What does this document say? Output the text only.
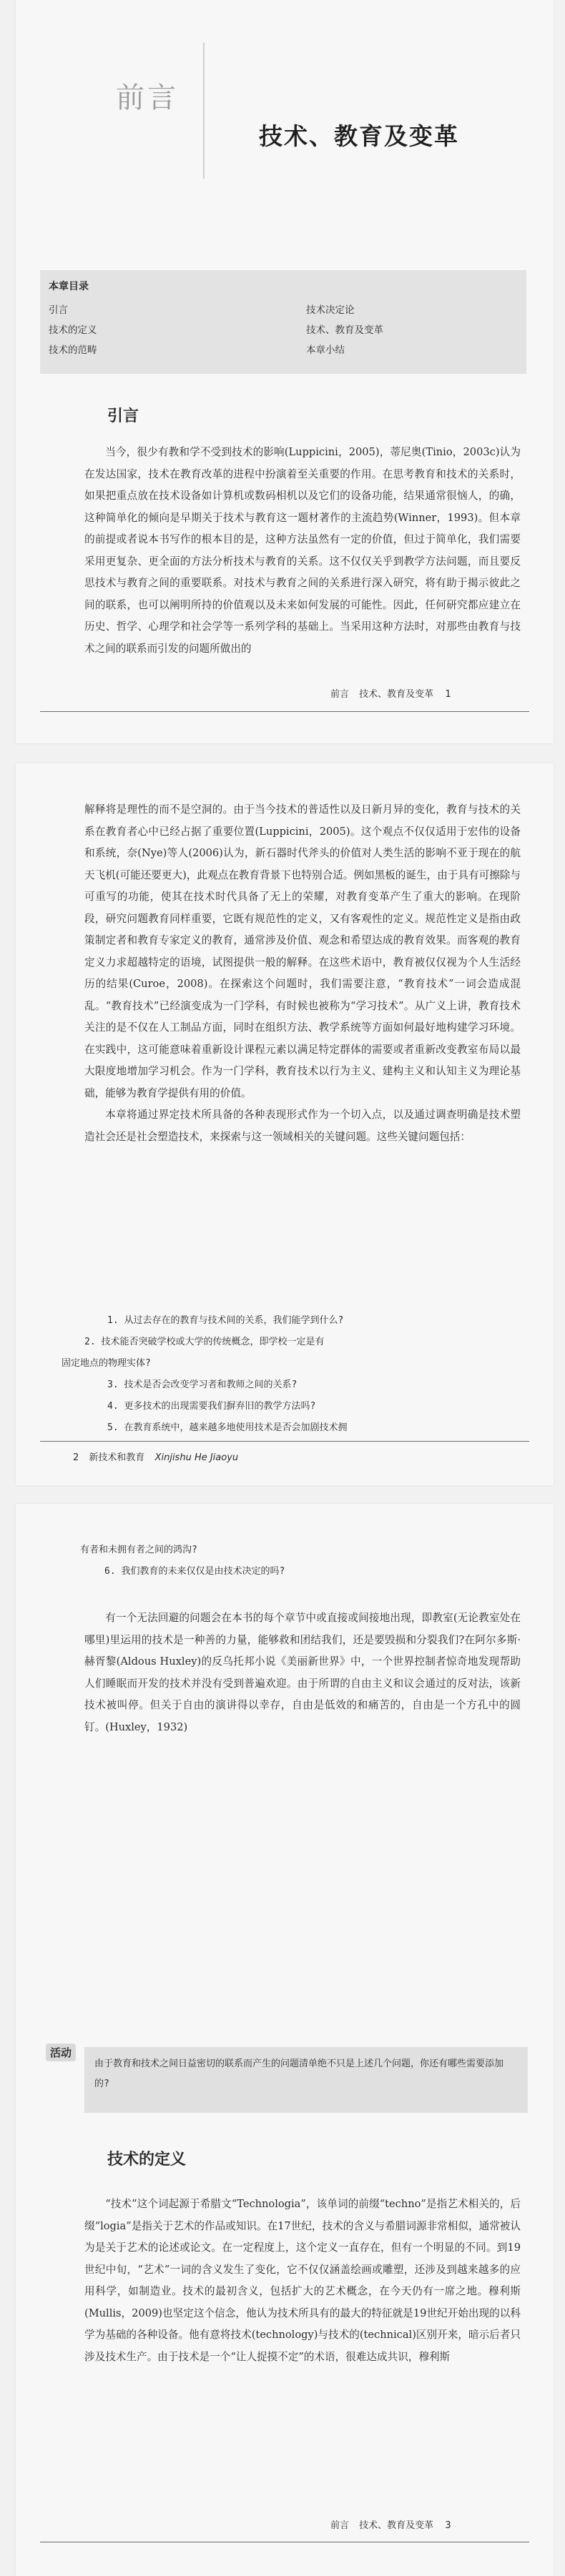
前言
技术、教育及变革
本章目录
引言
技术的定义
技术的范畴
技术决定论
技术、教育及变革
本章小结
引言

当今，很少有教和学不受到技术的影响(Luppicini，2005)，蒂尼奥(Tinio，2003c)认为在发达国家，技术在教育改革的进程中扮演着至关重要的作用。在思考教育和技术的关系时，如果把重点放在技术设备如计算机或数码相机以及它们的设备功能，结果通常很恼人，的确，这种简单化的倾向是早期关于技术与教育这一题材著作的主流趋势(Winner，1993)。但本章的前提或者说本书写作的根本目的是，这种方法虽然有一定的价值，但过于简单化，我们需要采用更复杂、更全面的方法分析技术与教育的关系。这不仅仅关乎到教学方法问题，而且要反思技术与教育之间的重要联系。对技术与教育之间的关系进行深入研究，将有助于揭示彼此之间的联系，也可以阐明所持的价值观以及未来如何发展的可能性。因此，任何研究都应建立在历史、哲学、心理学和社会学等一系列学科的基础上。当采用这种方法时，对那些由教育与技术之间的联系而引发的问题所做出的

前言 技术、教育及变革 1

解释将是理性的而不是空洞的。由于当今技术的普适性以及日新月异的变化，教育与技术的关系在教育者心中已经占据了重要位置(Luppicini，2005)。这个观点不仅仅适用于宏伟的设备和系统，奈(Nye)等人(2006)认为，新石器时代斧头的价值对人类生活的影响不亚于现在的航天飞机(可能还要更大)，此观点在教育背景下也特别合适。例如黑板的诞生，由于具有可擦除与可重写的功能，使其在技术时代具备了无上的荣耀，对教育变革产生了重大的影响。在现阶段，研究问题教育同样重要，它既有规范性的定义，又有客观性的定义。规范性定义是指由政策制定者和教育专家定义的教育，通常涉及价值、观念和希望达成的教育效果。而客观的教育定义力求超越特定的语境，试图提供一般的解释。在这些术语中，教育被仅仅视为个人生活经历的结果(Curoe，2008)。在探索这个问题时，我们需要注意，“教育技术”一词会造成混乱。“教育技术”已经演变成为一门学科，有时候也被称为“学习技术”。从广义上讲，教育技术关注的是不仅在人工制品方面，同时在组织方法、教学系统等方面如何最好地构建学习环境。在实践中，这可能意味着重新设计课程元素以满足特定群体的需要或者重新改变教室布局以最大限度地增加学习机会。作为一门学科，教育技术以行为主义、建构主义和认知主义为理论基础，能够为教育学提供有用的价值。

本章将通过界定技术所具备的各种表现形式作为一个切入点，以及通过调查明确是技术塑造社会还是社会塑造技术，来探索与这一领域相关的关键问题。这些关键问题包括：

1. 从过去存在的教育与技术间的关系，我们能学到什么?
2. 技术能否突破学校或大学的传统概念，即学校一定是有
固定地点的物理实体?
3. 技术是否会改变学习者和教师之间的关系?
4. 更多技术的出现需要我们摒弃旧的教学方法吗?
5. 在教育系统中，越来越多地使用技术是否会加剧技术拥
2 新技术和教育 Xinjishu He Jiaoyu
有者和未拥有者之间的鸿沟?
6. 我们教育的未来仅仅是由技术决定的吗?

有一个无法回避的问题会在本书的每个章节中或直接或间接地出现，即教室(无论教室处在哪里)里运用的技术是一种善的力量，能够救和团结我们，还是要毁损和分裂我们?在阿尔多斯·赫胥黎(Aldous Huxley)的反乌托邦小说《美丽新世界》中，一个世界控制者惊奇地发现帮助人们睡眠而开发的技术并没有受到普遍欢迎。由于所谓的自由主义和议会通过的反对法，该新技术被叫停。但关于自由的演讲得以幸存，自由是低效的和痛苦的，自由是一个方孔中的圆钉。(Huxley，1932)

活动

由于教育和技术之间日益密切的联系而产生的问题清单绝不只是上述几个问题，你还有哪些需要添加的?

技术的定义

“技术”这个词起源于希腊文“Technologia”，该单词的前缀“techno”是指艺术相关的，后缀“logia”是指关于艺术的作品或知识。在17世纪，技术的含义与希腊词源非常相似，通常被认为是关于艺术的论述或论文。在一定程度上，这个定义一直存在，但有一个明显的不同。到19世纪中旬，“艺术”一词的含义发生了变化，它不仅仅涵盖绘画或雕塑，还涉及到越来越多的应用科学，如制造业。技术的最初含义，包括扩大的艺术概念，在今天仍有一席之地。穆利斯(Mullis，2009)也坚定这个信念，他认为技术所具有的最大的特征就是19世纪开始出现的以科学为基础的各种设备。他有意将技术(technology)与技术的(technical)区别开来，暗示后者只涉及技术生产。由于技术是一个“让人捉摸不定”的术语，很难达成共识，穆利斯

前言 技术、教育及变革 3
